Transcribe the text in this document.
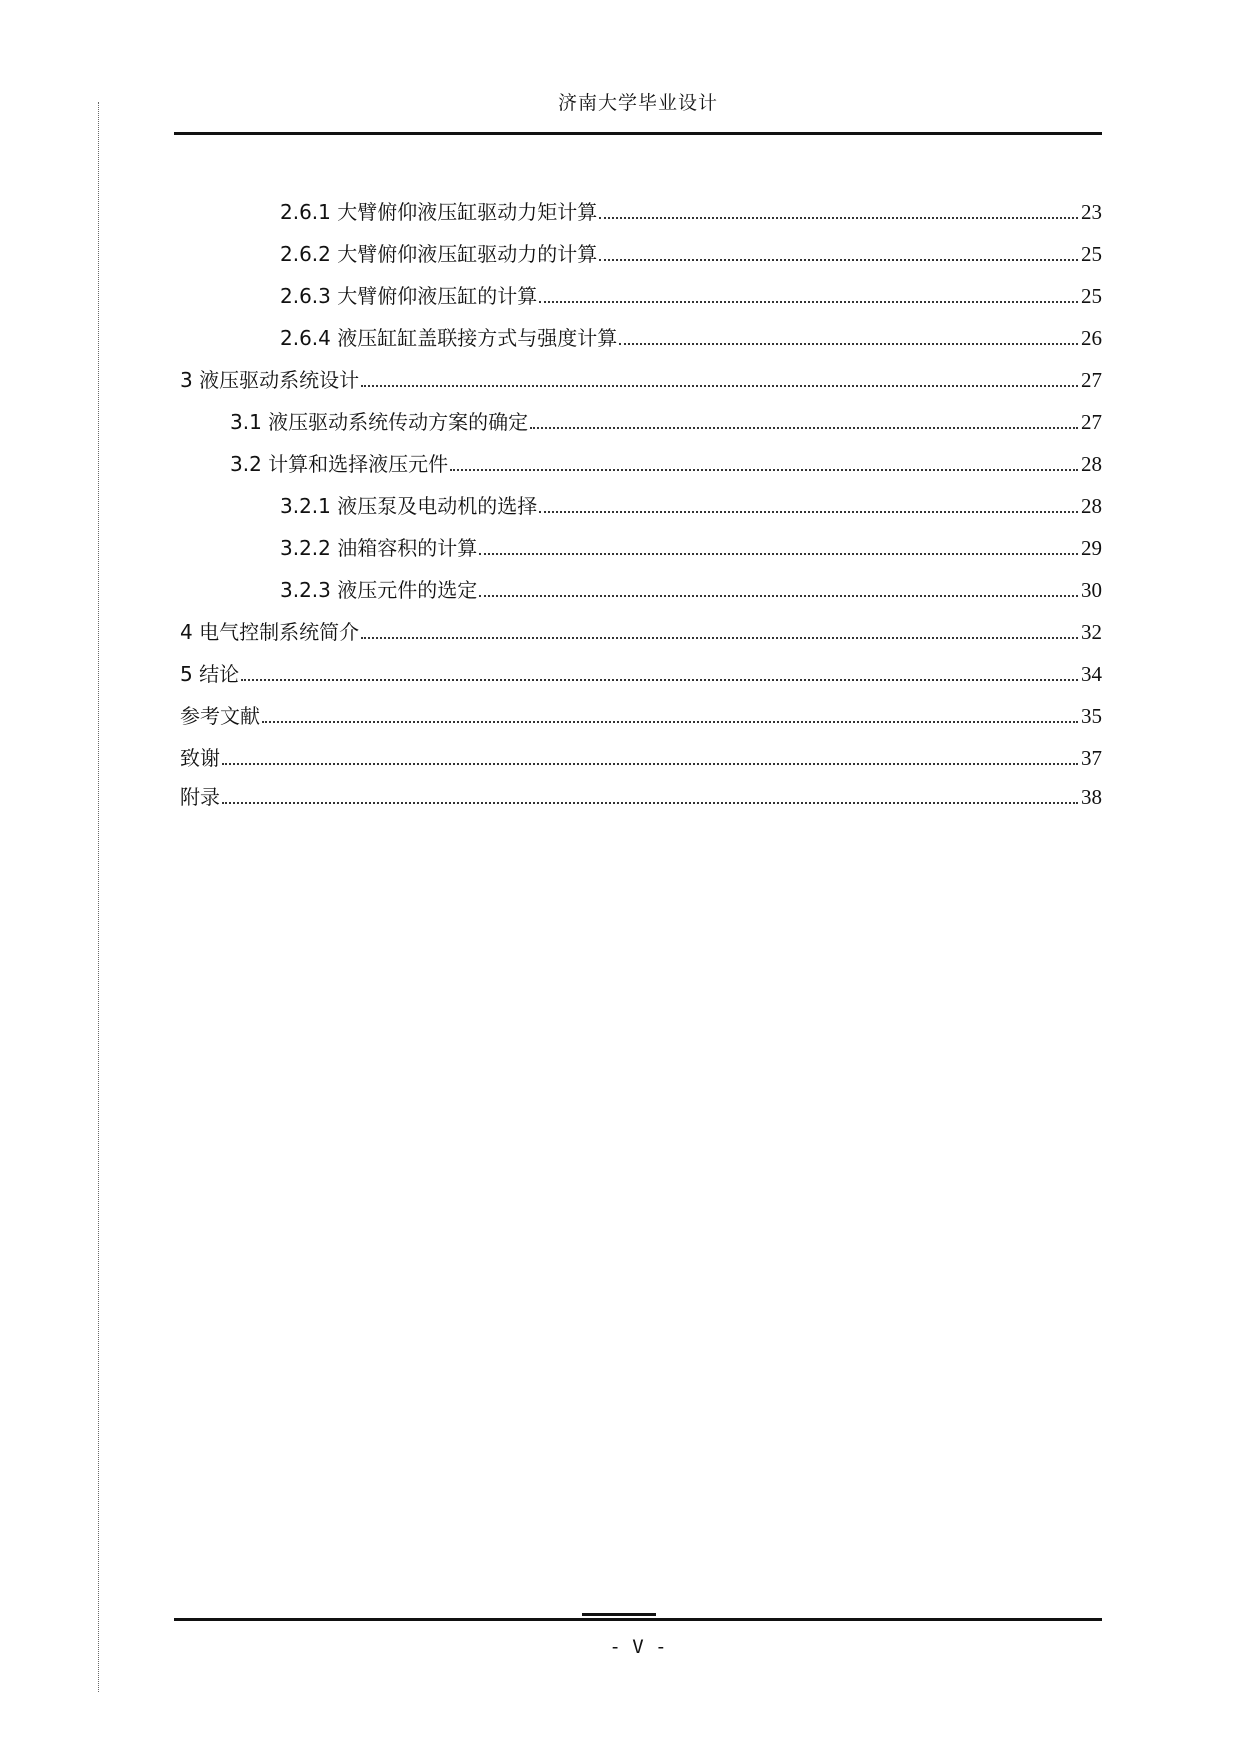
济南大学毕业设计
2.6.1 大臂俯仰液压缸驱动力矩计算	23
2.6.2 大臂俯仰液压缸驱动力的计算	25
2.6.3 大臂俯仰液压缸的计算	25
2.6.4 液压缸缸盖联接方式与强度计算	26
3 液压驱动系统设计	27
3.1 液压驱动系统传动方案的确定	27
3.2 计算和选择液压元件	28
3.2.1 液压泵及电动机的选择	28
3.2.2 油箱容积的计算	29
3.2.3 液压元件的选定	30
4 电气控制系统简介	32
5 结论	34
参考文献	35
致谢	37
附录	38
- V -
